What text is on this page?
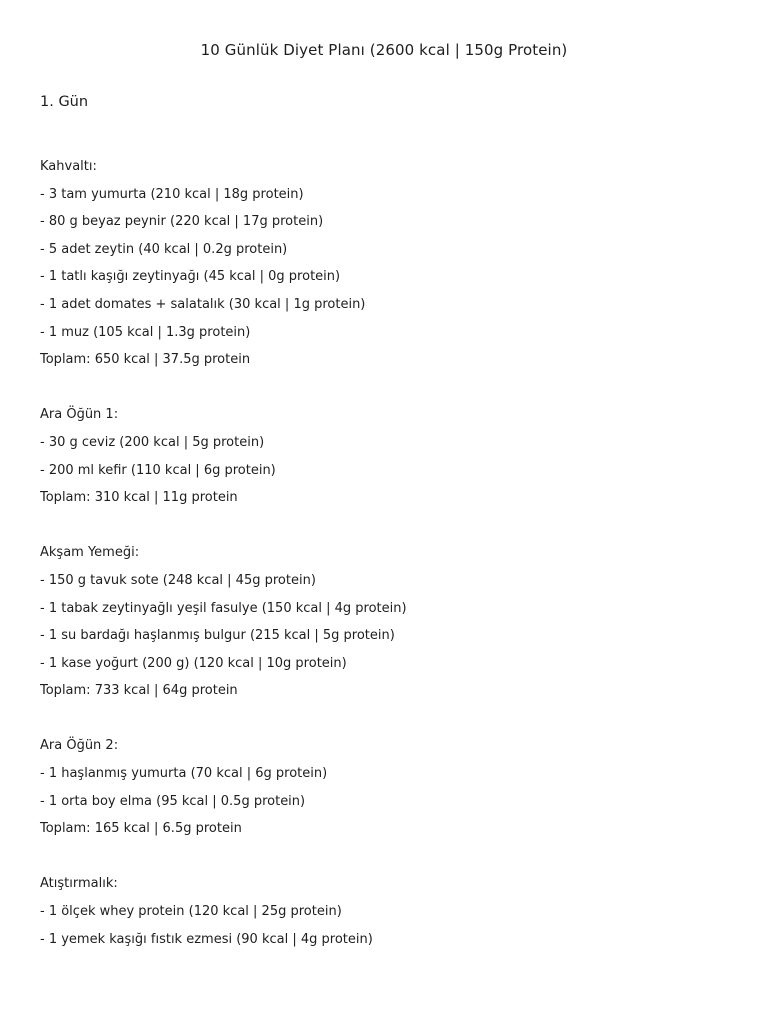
10 Günlük Diyet Planı (2600 kcal | 150g Protein)
1. Gün
Kahvaltı:
- 3 tam yumurta (210 kcal | 18g protein)
- 80 g beyaz peynir (220 kcal | 17g protein)
- 5 adet zeytin (40 kcal | 0.2g protein)
- 1 tatlı kaşığı zeytinyağı (45 kcal | 0g protein)
- 1 adet domates + salatalık (30 kcal | 1g protein)
- 1 muz (105 kcal | 1.3g protein)
Toplam: 650 kcal | 37.5g protein
Ara Öğün 1:
- 30 g ceviz (200 kcal | 5g protein)
- 200 ml kefir (110 kcal | 6g protein)
Toplam: 310 kcal | 11g protein
Akşam Yemeği:
- 150 g tavuk sote (248 kcal | 45g protein)
- 1 tabak zeytinyağlı yeşil fasulye (150 kcal | 4g protein)
- 1 su bardağı haşlanmış bulgur (215 kcal | 5g protein)
- 1 kase yoğurt (200 g) (120 kcal | 10g protein)
Toplam: 733 kcal | 64g protein
Ara Öğün 2:
- 1 haşlanmış yumurta (70 kcal | 6g protein)
- 1 orta boy elma (95 kcal | 0.5g protein)
Toplam: 165 kcal | 6.5g protein
Atıştırmalık:
- 1 ölçek whey protein (120 kcal | 25g protein)
- 1 yemek kaşığı fıstık ezmesi (90 kcal | 4g protein)
